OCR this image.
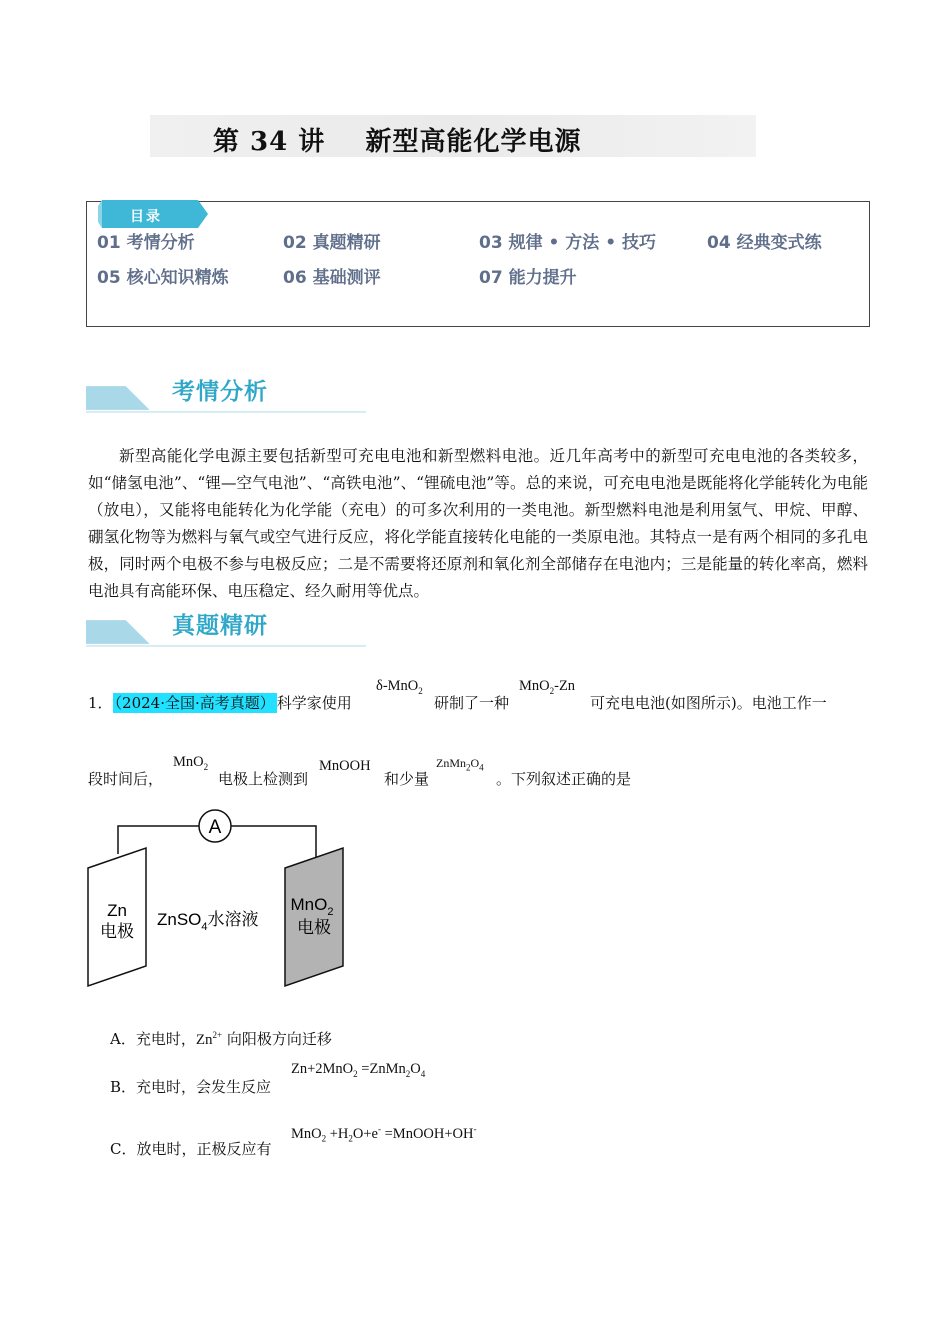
第 34 讲    新型高能化学电源
目录
01 考情分析	02 真题精研	03 规律 • 方法 • 技巧	04 经典变式练
05 核心知识精炼	06 基础测评	07 能力提升
考情分析
新型高能化学电源主要包括新型可充电电池和新型燃料电池。近几年高考中的新型可充电电池的各类较多，如“储氢电池”、“锂—空气电池”、“高铁电池”、“锂硫电池”等。总的来说，可充电电池是既能将化学能转化为电能（放电），又能将电能转化为化学能（充电）的可多次利用的一类电池。新型燃料电池是利用氢气、甲烷、甲醇、硼氢化物等为燃料与氧气或空气进行反应，将化学能直接转化电能的一类原电池。其特点一是有两个相同的多孔电极，同时两个电极不参与电极反应；二是不需要将还原剂和氧化剂全部储存在电池内；三是能量的转化率高，燃料电池具有高能环保、电压稳定、经久耐用等优点。
真题精研
1． （2024·全国·高考真题） 科学家使用
δ-MnO$_2$
研制了一种
MnO$_2$-Zn
可充电电池(如图所示)。电池工作一
段时间后，
MnO$_2$
电极上检测到
MnOOH
和少量
$ZnMn_2O_4$
。下列叙述正确的是
A
Zn
电极
MnO$_2$
电极
ZnSO$_4$水溶液
A．充电时，$Zn^{2+}$ 向阳极方向迁移
B．充电时，会发生反应
$Zn+2MnO_2 =ZnMn_2O_4$
C．放电时，正极反应有
$MnO_2 +H_2O+e^-$ =MnOOH+OH-
